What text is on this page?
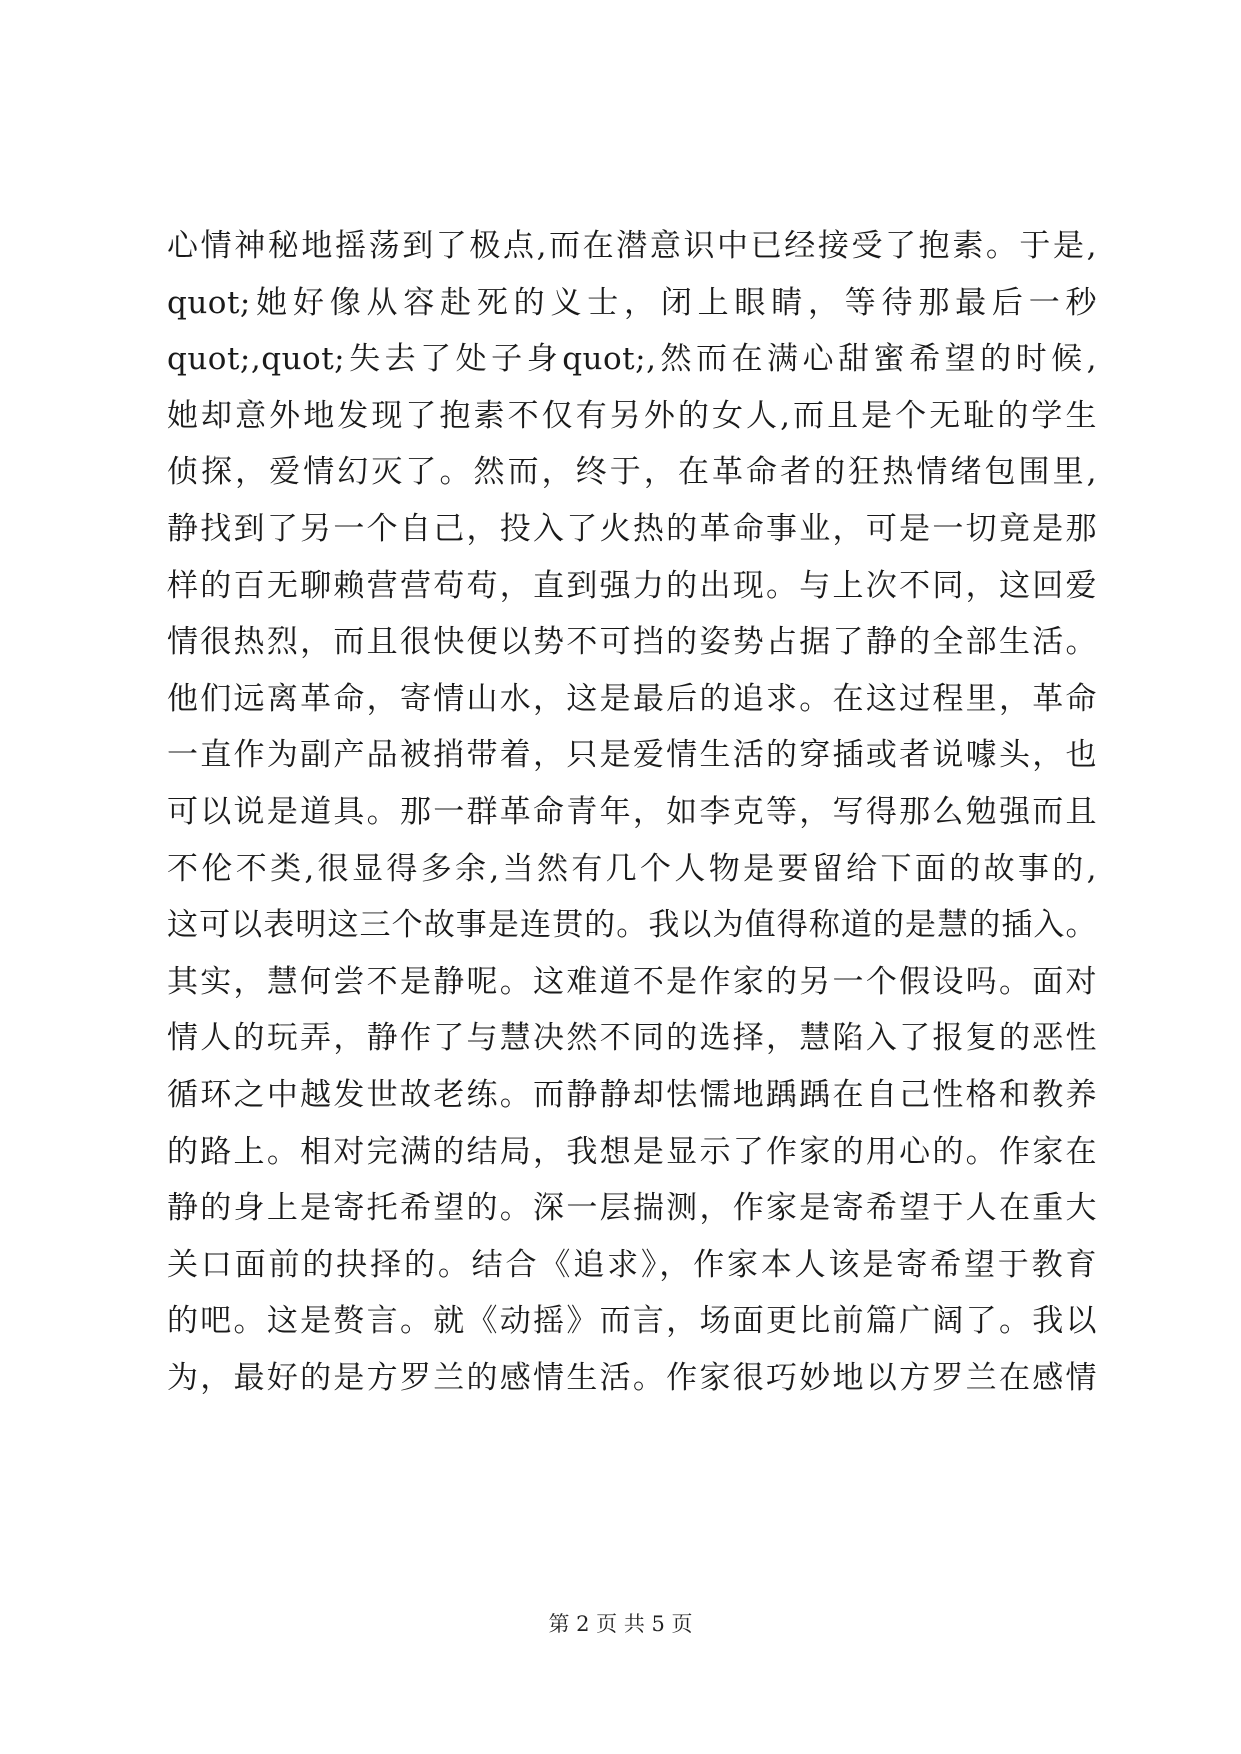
心情神秘地摇荡到了极点,而在潜意识中已经接受了抱素。于是,
quot;她好像从容赴死的义士，闭上眼睛，等待那最后一秒
quot;,quot;失去了处子身quot;,然而在满心甜蜜希望的时候,
她却意外地发现了抱素不仅有另外的女人,而且是个无耻的学生
侦探，爱情幻灭了。然而，终于，在革命者的狂热情绪包围里,
静找到了另一个自己，投入了火热的革命事业，可是一切竟是那
样的百无聊赖营营苟苟，直到强力的出现。与上次不同，这回爱
情很热烈，而且很快便以势不可挡的姿势占据了静的全部生活。
他们远离革命，寄情山水，这是最后的追求。在这过程里，革命
一直作为副产品被捎带着，只是爱情生活的穿插或者说噱头，也
可以说是道具。那一群革命青年，如李克等，写得那么勉强而且
不伦不类,很显得多余,当然有几个人物是要留给下面的故事的,
这可以表明这三个故事是连贯的。我以为值得称道的是慧的插入。
其实，慧何尝不是静呢。这难道不是作家的另一个假设吗。面对
情人的玩弄，静作了与慧决然不同的选择，慧陷入了报复的恶性
循环之中越发世故老练。而静静却怯懦地踽踽在自己性格和教养
的路上。相对完满的结局，我想是显示了作家的用心的。作家在
静的身上是寄托希望的。深一层揣测，作家是寄希望于人在重大
关口面前的抉择的。结合《追求》，作家本人该是寄希望于教育
的吧。这是赘言。就《动摇》而言，场面更比前篇广阔了。我以
为，最好的是方罗兰的感情生活。作家很巧妙地以方罗兰在感情
第 2 页 共 5 页
